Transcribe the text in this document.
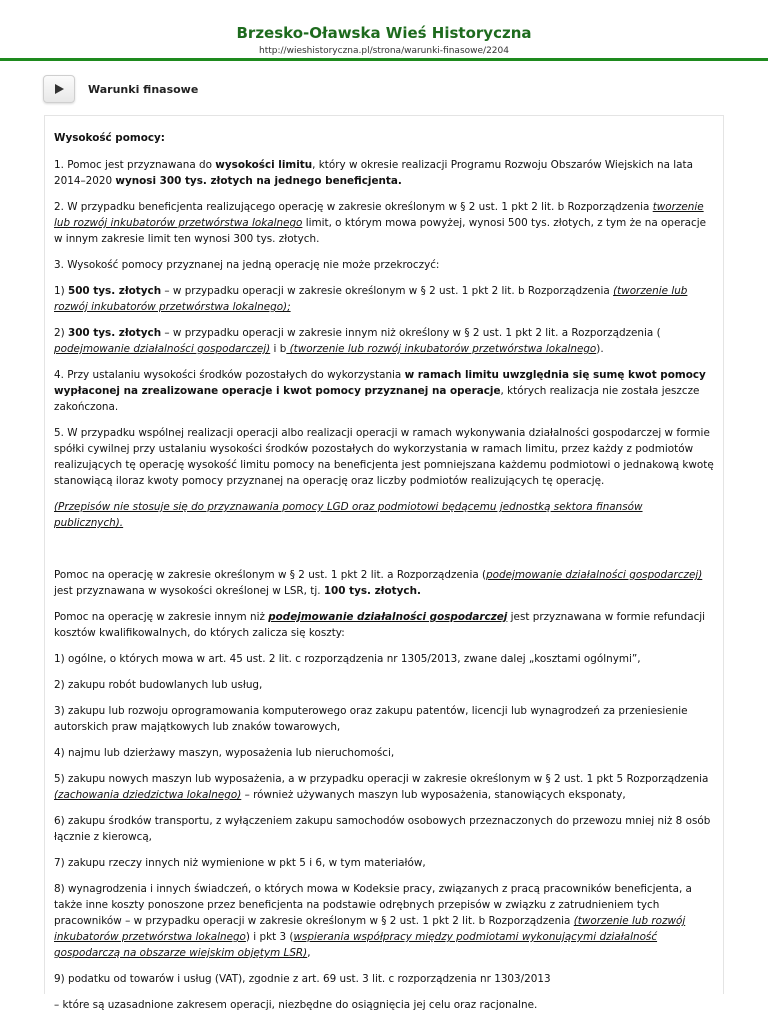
Brzesko-Oławska Wieś Historyczna
http://wieshistoryczna.pl/strona/warunki-finasowe/2204
Warunki finasowe

Wysokość pomocy:

1. Pomoc jest przyznawana do wysokości limitu, który w okresie realizacji Programu Rozwoju Obszarów Wiejskich na lata 2014–2020 wynosi 300 tys. złotych na jednego beneficjenta.

2. W przypadku beneficjenta realizującego operację w zakresie określonym w § 2 ust. 1 pkt 2 lit. b Rozporządzenia tworzenie lub rozwój inkubatorów przetwórstwa lokalnego limit, o którym mowa powyżej, wynosi 500 tys. złotych, z tym że na operacje w innym zakresie limit ten wynosi 300 tys. złotych.

3. Wysokość pomocy przyznanej na jedną operację nie może przekroczyć:

1) 500 tys. złotych – w przypadku operacji w zakresie określonym w § 2 ust. 1 pkt 2 lit. b Rozporządzenia (tworzenie lub rozwój inkubatorów przetwórstwa lokalnego);

2) 300 tys. złotych – w przypadku operacji w zakresie innym niż określony w § 2 ust. 1 pkt 2 lit. a Rozporządzenia ( podejmowanie działalności gospodarczej) i b (tworzenie lub rozwój inkubatorów przetwórstwa lokalnego).

4. Przy ustalaniu wysokości środków pozostałych do wykorzystania w ramach limitu uwzględnia się sumę kwot pomocy wypłaconej na zrealizowane operacje i kwot pomocy przyznanej na operacje, których realizacja nie została jeszcze zakończona.

5. W przypadku wspólnej realizacji operacji albo realizacji operacji w ramach wykonywania działalności gospodarczej w formie spółki cywilnej przy ustalaniu wysokości środków pozostałych do wykorzystania w ramach limitu, przez każdy z podmiotów realizujących tę operację wysokość limitu pomocy na beneficjenta jest pomniejszana każdemu podmiotowi o jednakową kwotę stanowiącą iloraz kwoty pomocy przyznanej na operację oraz liczby podmiotów realizujących tę operację.

(Przepisów nie stosuje się do przyznawania pomocy LGD oraz podmiotowi będącemu jednostką sektora finansów publicznych).

Pomoc na operację w zakresie określonym w § 2 ust. 1 pkt 2 lit. a Rozporządzenia (podejmowanie działalności gospodarczej) jest przyznawana w wysokości określonej w LSR, tj. 100 tys. złotych.

Pomoc na operację w zakresie innym niż podejmowanie działalności gospodarczej jest przyznawana w formie refundacji kosztów kwalifikowalnych, do których zalicza się koszty:

1) ogólne, o których mowa w art. 45 ust. 2 lit. c rozporządzenia nr 1305/2013, zwane dalej „kosztami ogólnymi”,

2) zakupu robót budowlanych lub usług,

3) zakupu lub rozwoju oprogramowania komputerowego oraz zakupu patentów, licencji lub wynagrodzeń za przeniesienie autorskich praw majątkowych lub znaków towarowych,

4) najmu lub dzierżawy maszyn, wyposażenia lub nieruchomości,

5) zakupu nowych maszyn lub wyposażenia, a w przypadku operacji w zakresie określonym w § 2 ust. 1 pkt 5 Rozporządzenia (zachowania dziedzictwa lokalnego) – również używanych maszyn lub wyposażenia, stanowiących eksponaty,

6) zakupu środków transportu, z wyłączeniem zakupu samochodów osobowych przeznaczonych do przewozu mniej niż 8 osób łącznie z kierowcą,

7) zakupu rzeczy innych niż wymienione w pkt 5 i 6, w tym materiałów,

8) wynagrodzenia i innych świadczeń, o których mowa w Kodeksie pracy, związanych z pracą pracowników beneficjenta, a także inne koszty ponoszone przez beneficjenta na podstawie odrębnych przepisów w związku z zatrudnieniem tych pracowników – w przypadku operacji w zakresie określonym w § 2 ust. 1 pkt 2 lit. b Rozporządzenia (tworzenie lub rozwój inkubatorów przetwórstwa lokalnego) i pkt 3 (wspierania współpracy między podmiotami wykonującymi działalność gospodarczą na obszarze wiejskim objętym LSR),

9) podatku od towarów i usług (VAT), zgodnie z art. 69 ust. 3 lit. c rozporządzenia nr 1303/2013

– które są uzasadnione zakresem operacji, niezbędne do osiągnięcia jej celu oraz racjonalne.
